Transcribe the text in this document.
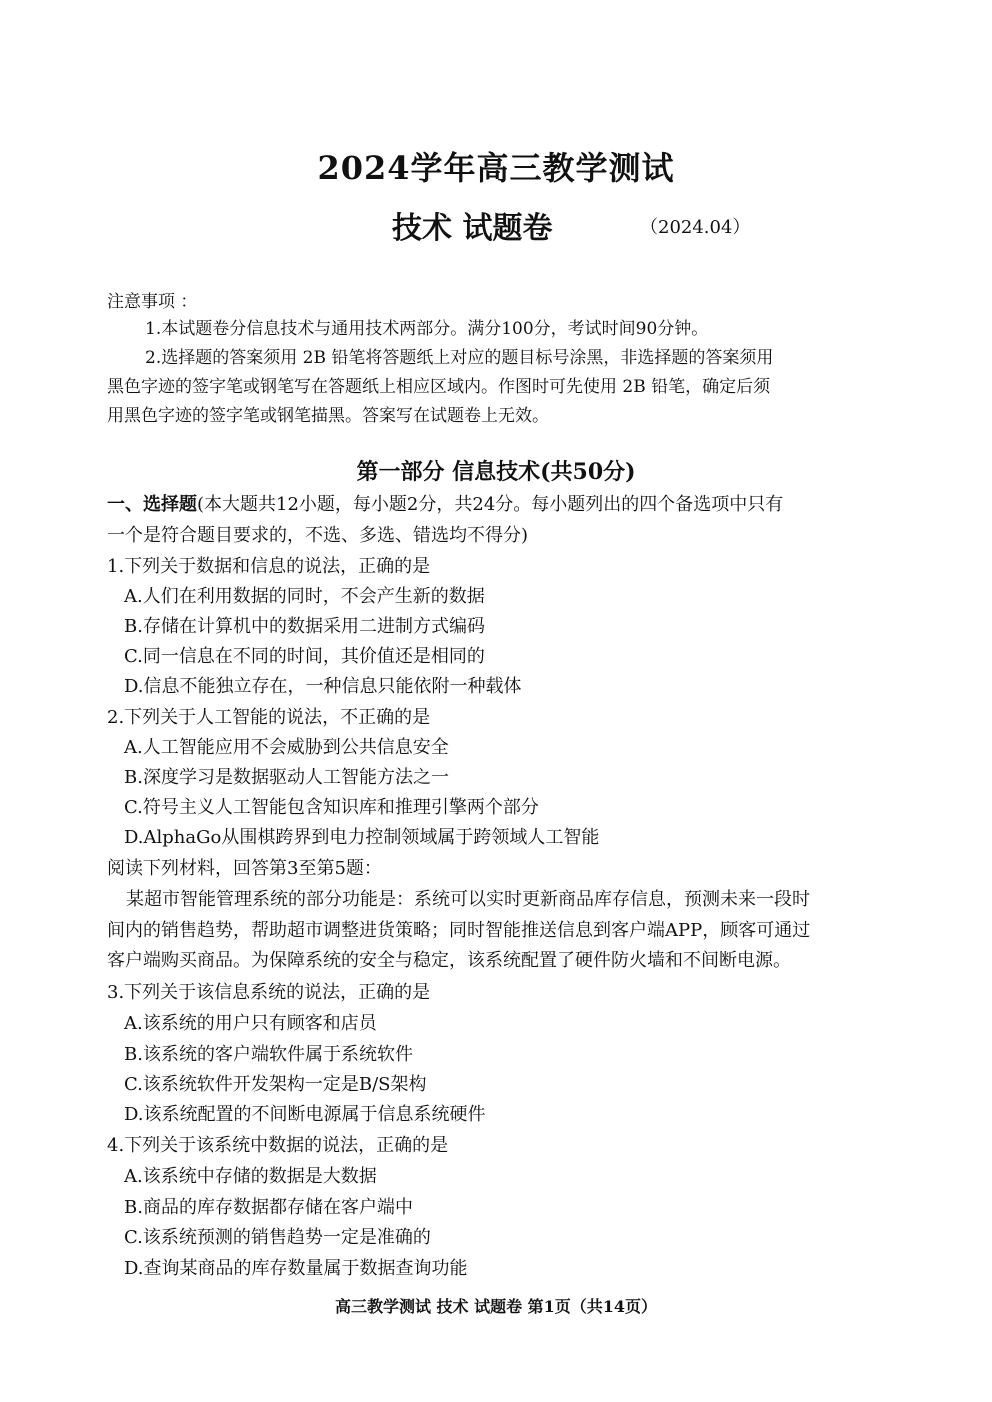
2024学年高三教学测试
技术 试题卷	（2024.04）
注意事项 ：
1.本试题卷分信息技术与通用技术两部分。满分100分，考试时间90分钟。
2.选择题的答案须用 2B 铅笔将答题纸上对应的题目标号涂黑，非选择题的答案须用
黑色字迹的签字笔或钢笔写在答题纸上相应区域内。作图时可先使用 2B 铅笔，确定后须
用黑色字迹的签字笔或钢笔描黑。答案写在试题卷上无效。
第一部分 信息技术(共50分)
一、选择题(本大题共12小题，每小题2分，共24分。每小题列出的四个备选项中只有
一个是符合题目要求的，不选、多选、错选均不得分)
1.下列关于数据和信息的说法，正确的是
A.人们在利用数据的同时，不会产生新的数据
B.存储在计算机中的数据采用二进制方式编码
C.同一信息在不同的时间，其价值还是相同的
D.信息不能独立存在，一种信息只能依附一种载体
2.下列关于人工智能的说法，不正确的是
A.人工智能应用不会威胁到公共信息安全
B.深度学习是数据驱动人工智能方法之一
C.符号主义人工智能包含知识库和推理引擎两个部分
D.AlphaGo从围棋跨界到电力控制领域属于跨领域人工智能
阅读下列材料，回答第3至第5题：
某超市智能管理系统的部分功能是：系统可以实时更新商品库存信息，预测未来一段时
间内的销售趋势，帮助超市调整进货策略；同时智能推送信息到客户端APP，顾客可通过
客户端购买商品。为保障系统的安全与稳定，该系统配置了硬件防火墙和不间断电源。
3.下列关于该信息系统的说法，正确的是
A.该系统的用户只有顾客和店员
B.该系统的客户端软件属于系统软件
C.该系统软件开发架构一定是B/S架构
D.该系统配置的不间断电源属于信息系统硬件
4.下列关于该系统中数据的说法，正确的是
A.该系统中存储的数据是大数据
B.商品的库存数据都存储在客户端中
C.该系统预测的销售趋势一定是准确的
D.查询某商品的库存数量属于数据查询功能
高三教学测试 技术 试题卷 第1页（共14页）
